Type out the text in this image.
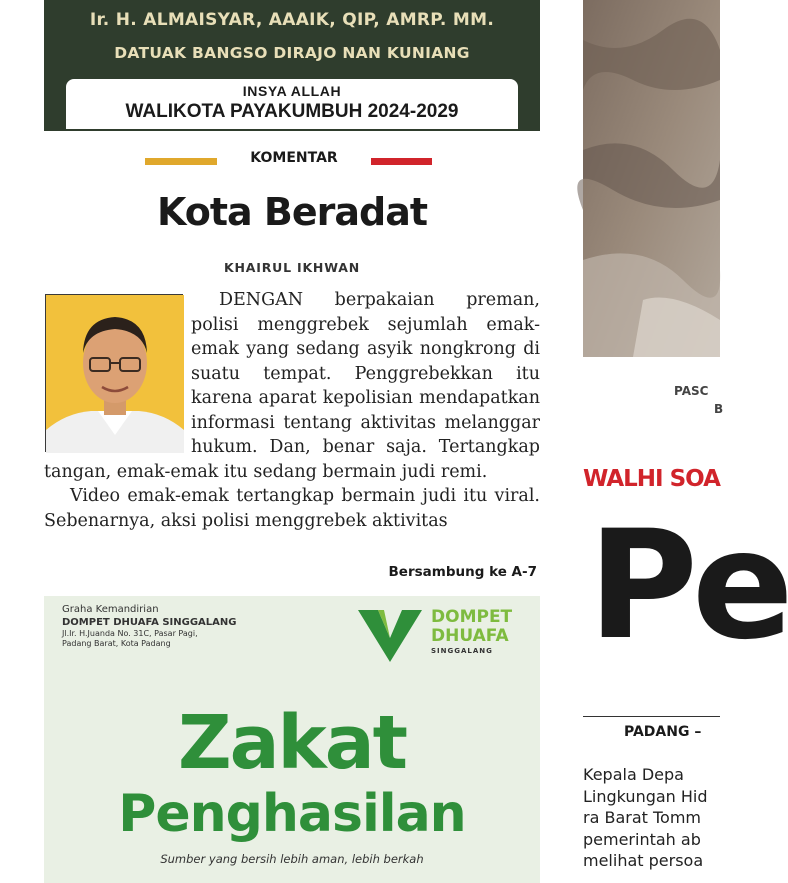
Ir. H. ALMAISYAR, AAAIK, QIP, AMRP. MM.
DATUAK BANGSO DIRAJO NAN KUNIANG
INSYA ALLAH
WALIKOTA PAYAKUMBUH 2024-2029
KOMENTAR
Kota Beradat
KHAIRUL IKHWAN

DENGAN berpakaian preman, polisi menggrebek sejumlah emak-emak yang sedang asyik nongkrong di suatu tempat. Penggrebekkan itu karena aparat kepolisian mendapatkan informasi tentang aktivitas melanggar hukum. Dan, benar saja. Tertangkap tangan, emak-emak itu sedang bermain judi remi.

Video emak-emak tertangkap bermain judi itu viral. Sebenarnya, aksi polisi menggrebek aktivitas

Bersambung ke A-7
Graha Kemandirian
DOMPET DHUAFA SINGGALANG
Jl.Ir. H.Juanda No. 31C, Pasar Pagi,
Padang Barat, Kota Padang
DOMPET
DHUAFA
SINGGALANG
Zakat
Penghasilan
Sumber yang bersih lebih aman, lebih berkah
PASC
B
WALHI SOA
Pe
PADANG –
Kepala Depa
Lingkungan Hid
ra Barat Tomm
pemerintah ab
melihat persoa
